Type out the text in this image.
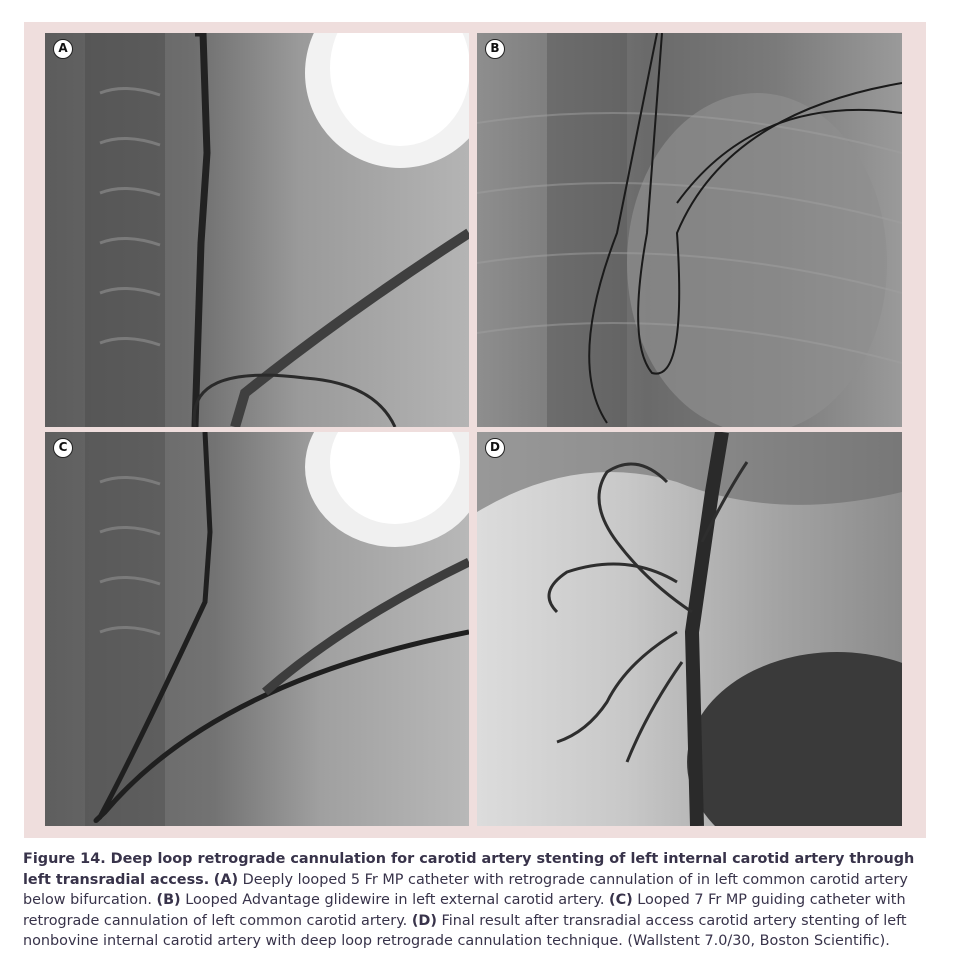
A	B
C	D

Figure 14. Deep loop retrograde cannulation for carotid artery stenting of left internal carotid artery through left transradial access. (A) Deeply looped 5 Fr MP catheter with retrograde cannulation of in left common carotid artery below bifurcation. (B) Looped Advantage glidewire in left external carotid artery. (C) Looped 7 Fr MP guiding catheter with retrograde cannulation of left common carotid artery. (D) Final result after transradial access carotid artery stenting of left nonbovine internal carotid artery with deep loop retrograde cannulation technique. (Wallstent 7.0/30, Boston Scientific).
